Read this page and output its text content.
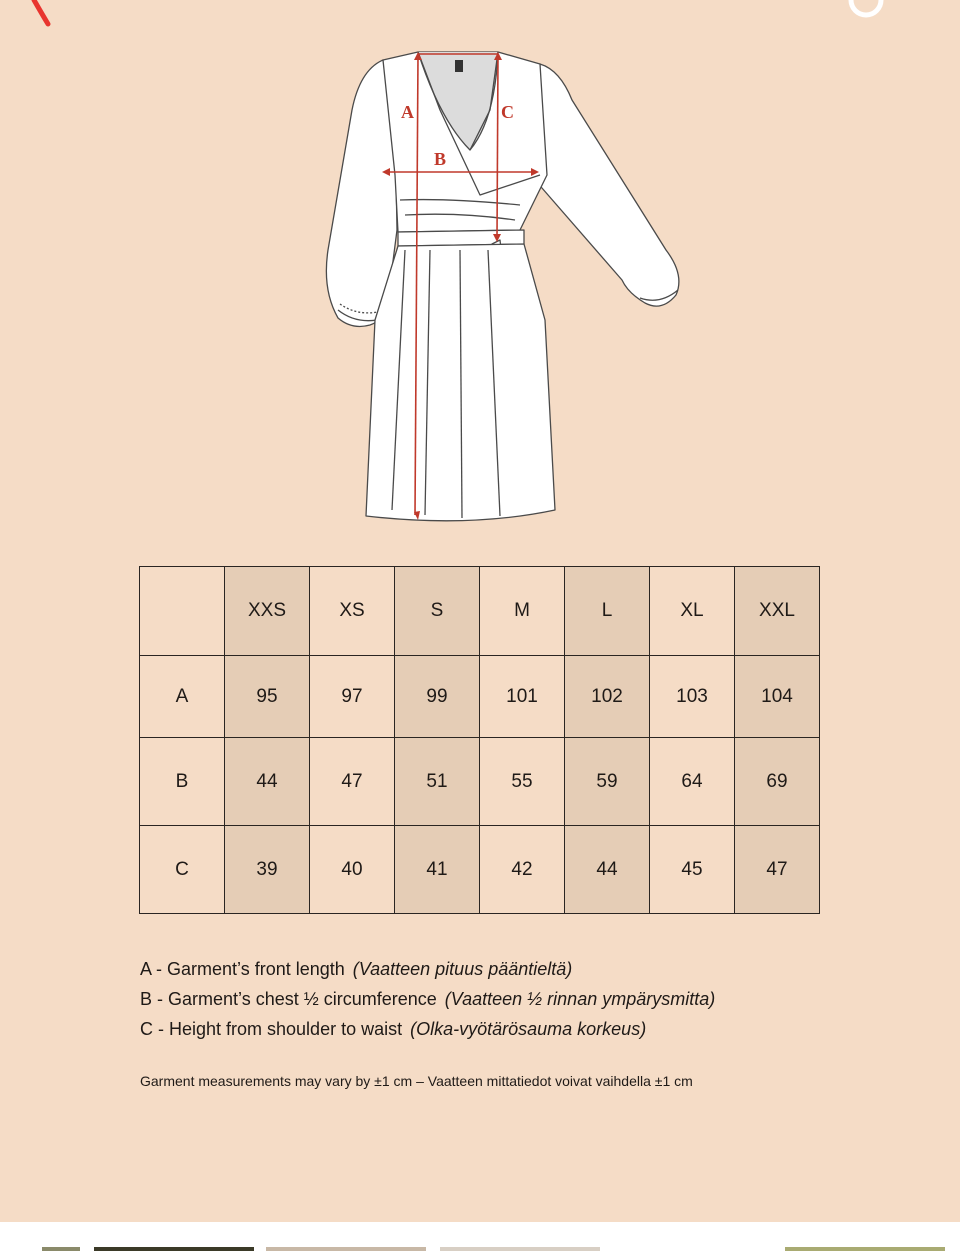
A	C
B
	XXS	XS	S	M	L	XL	XXL
A	95	97	99	101	102	103	104
B	44	47	51	55	59	64	69
C	39	40	41	42	44	45	47
A - Garment’s front length (Vaatteen pituus pääntieltä)
B - Garment’s chest ½ circumference (Vaatteen ½ rinnan ympärysmitta)
C - Height from shoulder to waist (Olka-vyötärösauma korkeus)
Garment measurements may vary by ±1 cm – Vaatteen mittatiedot voivat vaihdella ±1 cm
